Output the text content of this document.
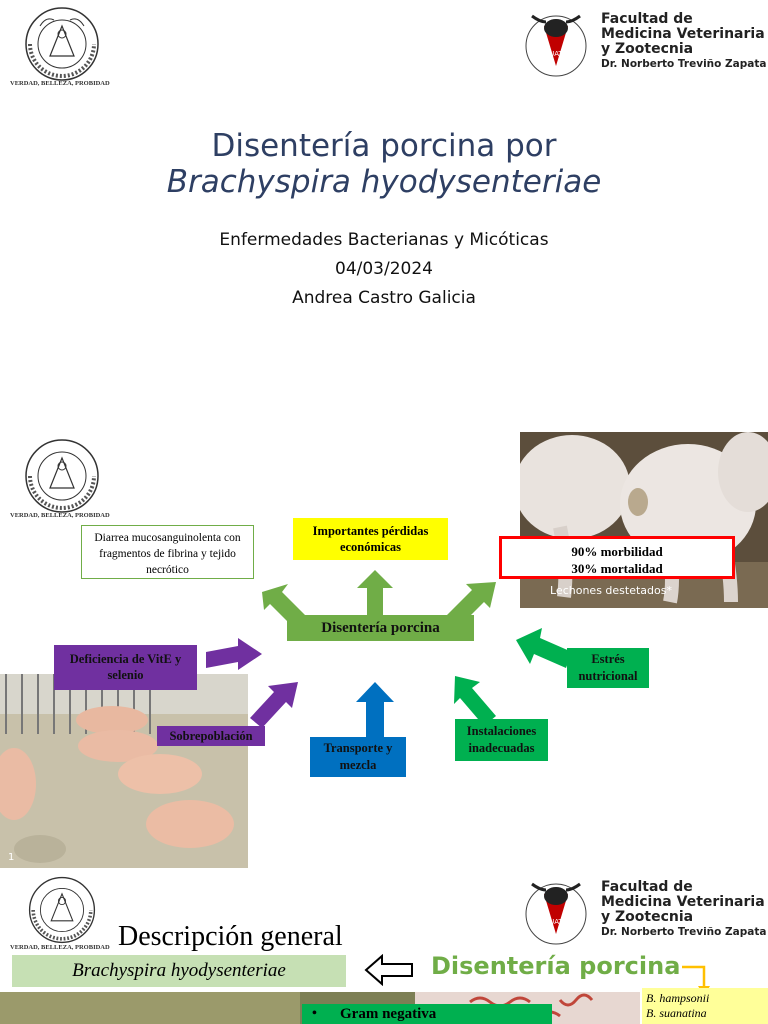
VERDAD, BELLEZA, PROBIDAD
UAT
Facultad de
Medicina Veterinaria
y Zootecnia
Dr. Norberto Treviño Zapata
Disentería porcina por
Brachyspira hyodysenteriae
Enfermedades Bacterianas y Micóticas
04/03/2024
Andrea Castro Galicia
VERDAD, BELLEZA, PROBIDAD
Lechones destetados*
90% morbilidad
30% mortalidad
Diarrea mucosanguinolenta con fragmentos de fibrina y tejido necrótico
Importantes pérdidas económicas
Disentería porcina
1
Deficiencia de VitE y selenio
Sobrepoblación
Transporte y mezcla
Instalaciones inadecuadas
Estrés nutricional
VERDAD, BELLEZA, PROBIDAD
UAT
Facultad de
Medicina Veterinaria
y Zootecnia
Dr. Norberto Treviño Zapata
Descripción general
Brachyspira hyodysenteriae	Disentería porcina
• Gram negativa
B. hampsonii
B. suanatina
